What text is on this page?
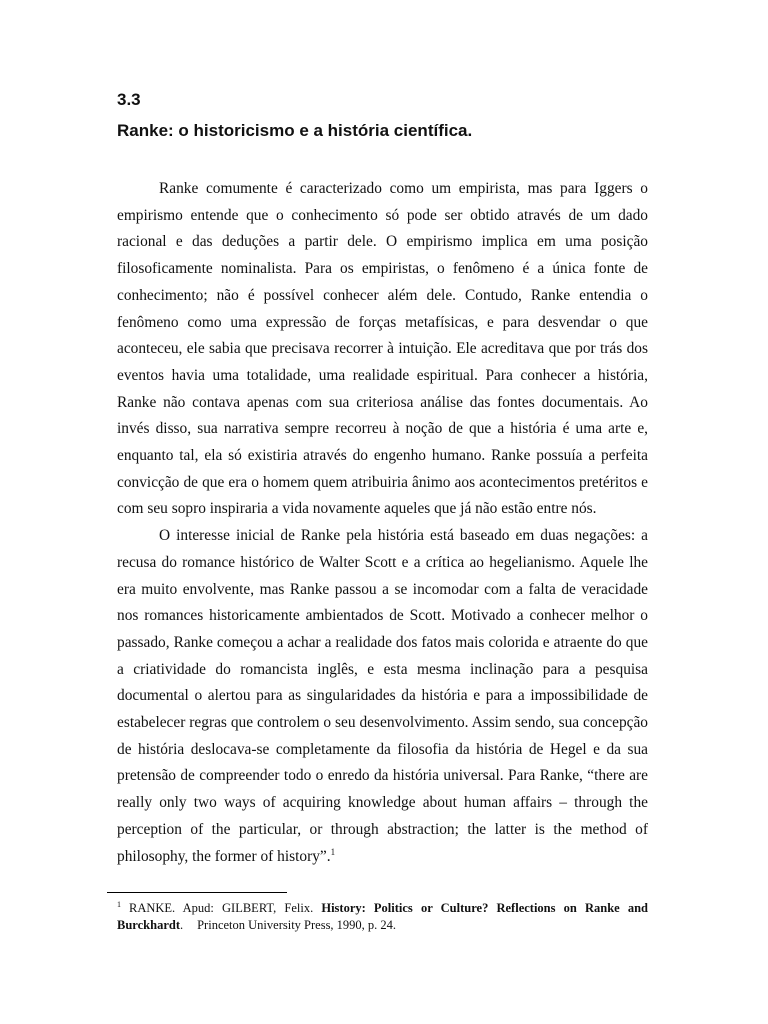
3.3
Ranke: o historicismo e a história científica.

Ranke comumente é caracterizado como um empirista, mas para Iggers o empirismo entende que o conhecimento só pode ser obtido através de um dado racional e das deduções a partir dele. O empirismo implica em uma posição filosoficamente nominalista. Para os empiristas, o fenômeno é a única fonte de conhecimento; não é possível conhecer além dele. Contudo, Ranke entendia o fenômeno como uma expressão de forças metafísicas, e para desvendar o que aconteceu, ele sabia que precisava recorrer à intuição. Ele acreditava que por trás dos eventos havia uma totalidade, uma realidade espiritual. Para conhecer a história, Ranke não contava apenas com sua criteriosa análise das fontes documentais. Ao invés disso, sua narrativa sempre recorreu à noção de que a história é uma arte e, enquanto tal, ela só existiria através do engenho humano. Ranke possuía a perfeita convicção de que era o homem quem atribuiria ânimo aos acontecimentos pretéritos e com seu sopro inspiraria a vida novamente aqueles que já não estão entre nós.

O interesse inicial de Ranke pela história está baseado em duas negações: a recusa do romance histórico de Walter Scott e a crítica ao hegelianismo. Aquele lhe era muito envolvente, mas Ranke passou a se incomodar com a falta de veracidade nos romances historicamente ambientados de Scott. Motivado a conhecer melhor o passado, Ranke começou a achar a realidade dos fatos mais colorida e atraente do que a criatividade do romancista inglês, e esta mesma inclinação para a pesquisa documental o alertou para as singularidades da história e para a impossibilidade de estabelecer regras que controlem o seu desenvolvimento. Assim sendo, sua concepção de história deslocava-se completamente da filosofia da história de Hegel e da sua pretensão de compreender todo o enredo da história universal. Para Ranke, “there are really only two ways of acquiring knowledge about human affairs – through the perception of the particular, or through abstraction; the latter is the method of philosophy, the former of history”.$^1$

$^1$ RANKE. Apud: GILBERT, Felix. History: Politics or Culture? Reflections on Ranke and Burckhardt. Princeton University Press, 1990, p. 24.
